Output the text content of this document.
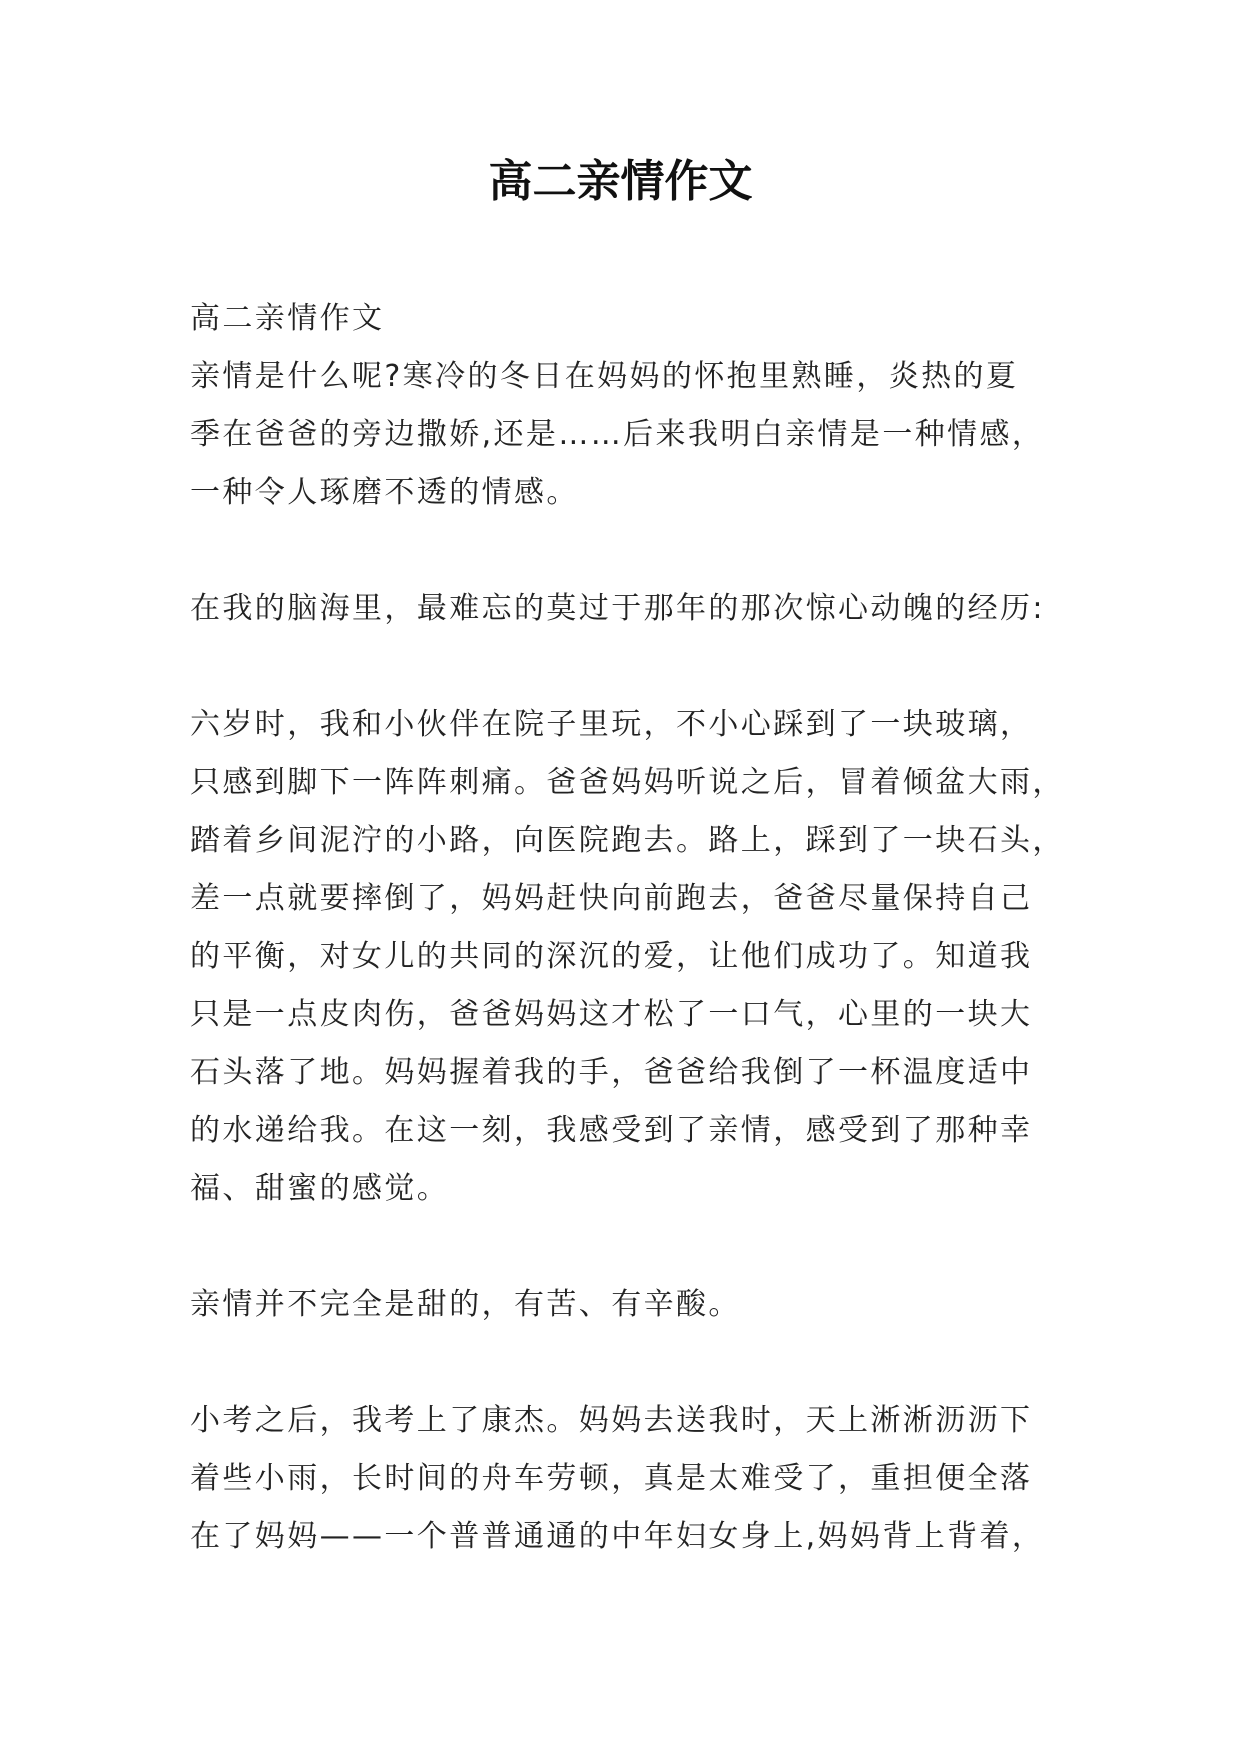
高二亲情作文
高二亲情作文
亲情是什么呢?寒冷的冬日在妈妈的怀抱里熟睡，炎热的夏
季在爸爸的旁边撒娇,还是……后来我明白亲情是一种情感，
一种令人琢磨不透的情感。
在我的脑海里，最难忘的莫过于那年的那次惊心动魄的经历:
六岁时，我和小伙伴在院子里玩，不小心踩到了一块玻璃，
只感到脚下一阵阵刺痛。爸爸妈妈听说之后，冒着倾盆大雨，
踏着乡间泥泞的小路，向医院跑去。路上，踩到了一块石头，
差一点就要摔倒了，妈妈赶快向前跑去，爸爸尽量保持自己
的平衡，对女儿的共同的深沉的爱，让他们成功了。知道我
只是一点皮肉伤，爸爸妈妈这才松了一口气，心里的一块大
石头落了地。妈妈握着我的手，爸爸给我倒了一杯温度适中
的水递给我。在这一刻，我感受到了亲情，感受到了那种幸
福、甜蜜的感觉。
亲情并不完全是甜的，有苦、有辛酸。
小考之后，我考上了康杰。妈妈去送我时，天上淅淅沥沥下
着些小雨，长时间的舟车劳顿，真是太难受了，重担便全落
在了妈妈——一个普普通通的中年妇女身上,妈妈背上背着，
